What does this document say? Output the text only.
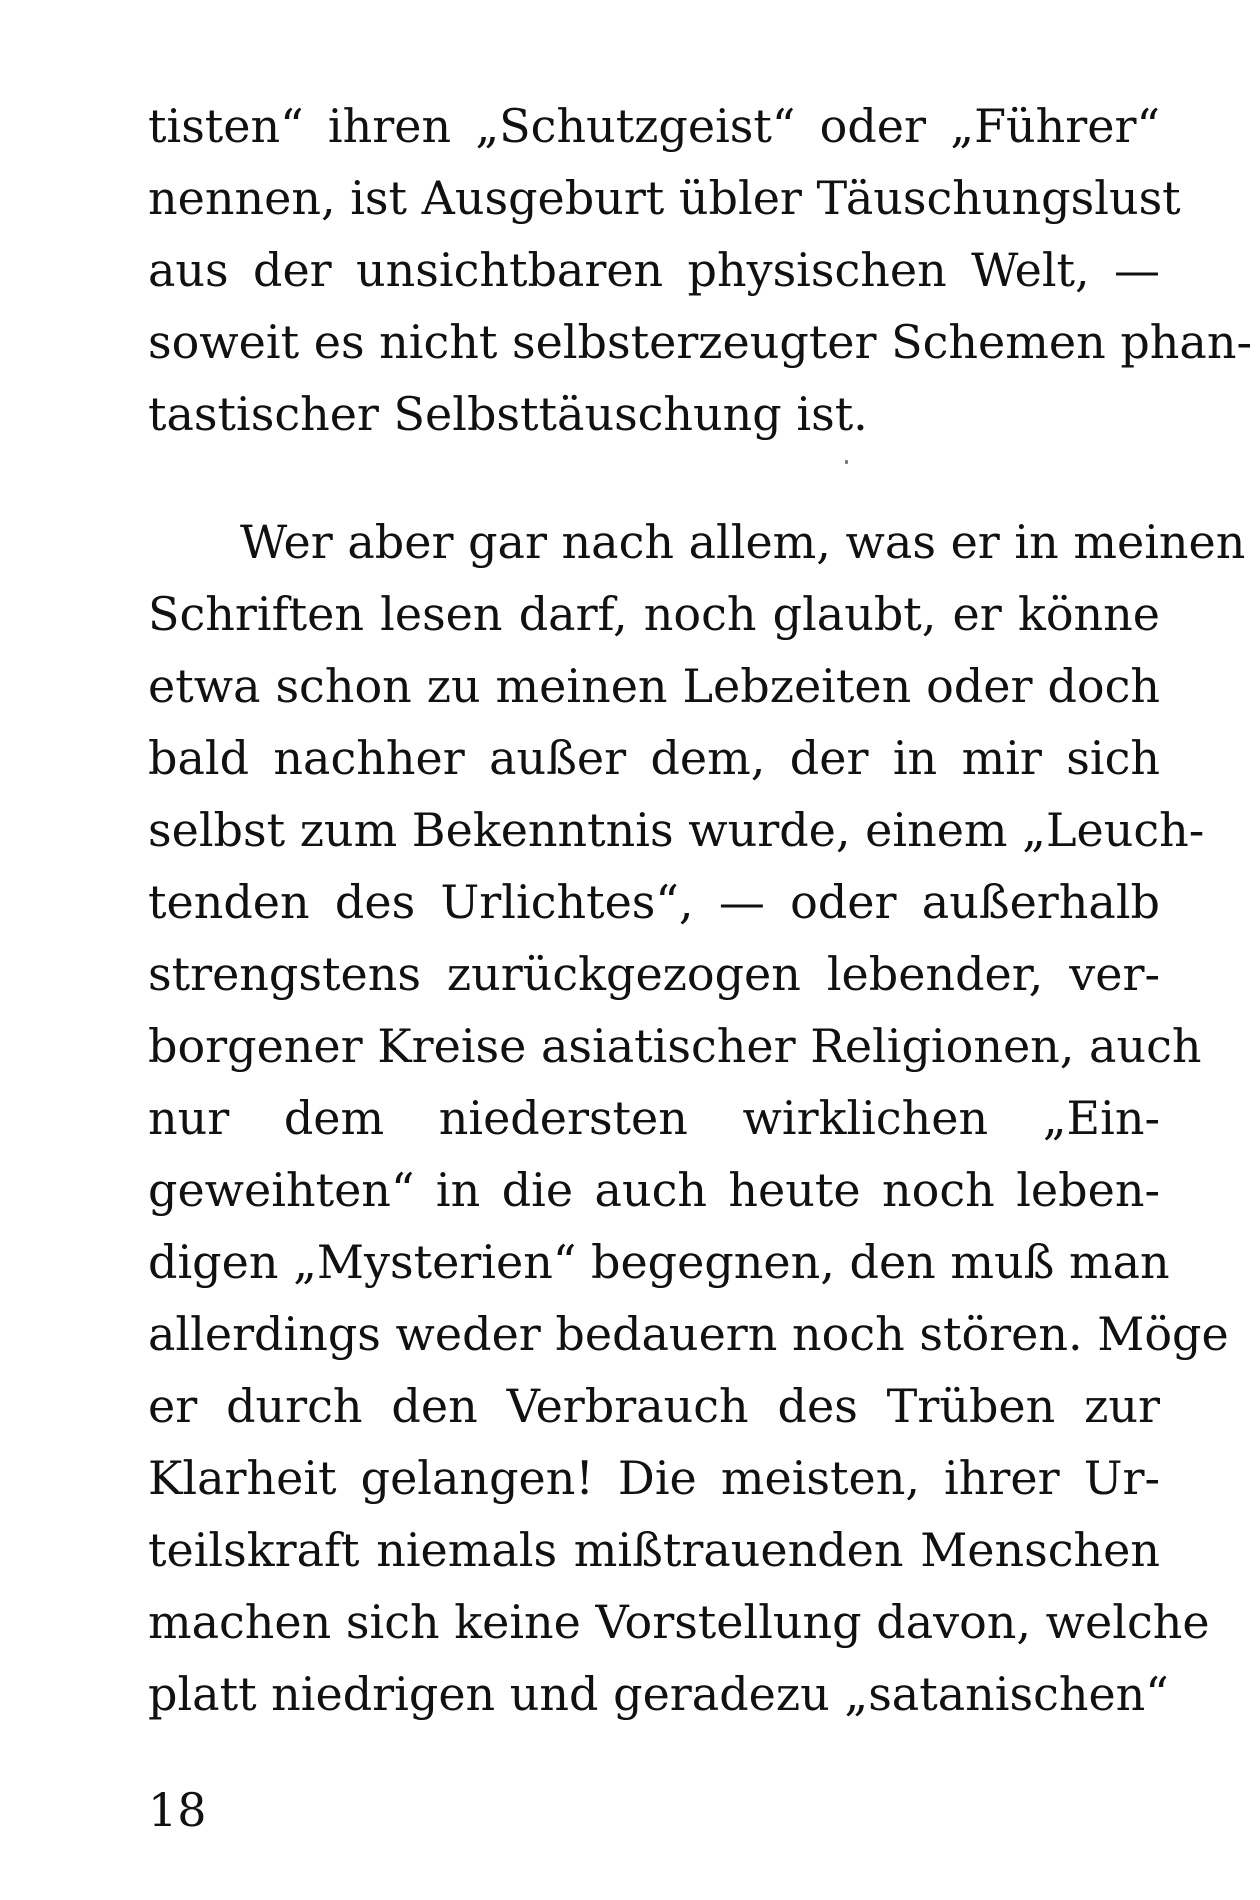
tisten“ ihren „Schutzgeist“ oder „Führer“
nennen, ist Ausgeburt übler Täuschungslust
aus der unsichtbaren physischen Welt, —
soweit es nicht selbsterzeugter Schemen phan-
tastischer Selbsttäuschung ist.
Wer aber gar nach allem, was er in meinen
Schriften lesen darf, noch glaubt, er könne
etwa schon zu meinen Lebzeiten oder doch
bald nachher außer dem, der in mir sich
selbst zum Bekenntnis wurde, einem „Leuch-
tenden des Urlichtes“, — oder außerhalb
strengstens zurückgezogen lebender, ver-
borgener Kreise asiatischer Religionen, auch
nur dem niedersten wirklichen „Ein-
geweihten“ in die auch heute noch leben-
digen „Mysterien“ begegnen, den muß man
allerdings weder bedauern noch stören. Möge
er durch den Verbrauch des Trüben zur
Klarheit gelangen! Die meisten, ihrer Ur-
teilskraft niemals mißtrauenden Menschen
machen sich keine Vorstellung davon, welche
platt niedrigen und geradezu „satanischen“
18
